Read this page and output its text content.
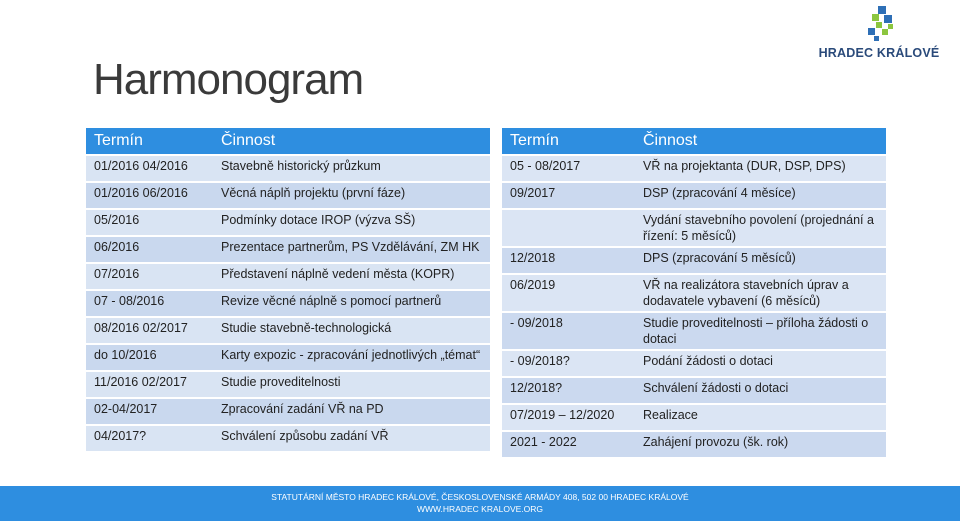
Harmonogram
HRADEC KRÁLOVÉ
Termín	Činnost
01/2016 04/2016	Stavebně historický průzkum
01/2016 06/2016	Věcná náplň projektu (první fáze)
05/2016	Podmínky dotace IROP (výzva SŠ)
06/2016	Prezentace partnerům, PS Vzdělávání, ZM HK
07/2016	Představení náplně vedení města (KOPR)
07 - 08/2016	Revize věcné náplně s pomocí partnerů
08/2016 02/2017	Studie stavebně-technologická
do 10/2016	Karty expozic - zpracování jednotlivých „témat“
11/2016 02/2017	Studie proveditelnosti
02-04/2017	Zpracování zadání VŘ na PD
04/2017?	Schválení způsobu zadání VŘ
Termín	Činnost
05 - 08/2017	VŘ na projektanta (DUR, DSP, DPS)
09/2017	DSP (zpracování 4 měsíce)
	Vydání stavebního povolení (projednání a řízení: 5 měsíců)
12/2018	DPS (zpracování 5 měsíců)
06/2019	VŘ na realizátora stavebních úprav a dodavatele vybavení (6 měsíců)
- 09/2018	Studie proveditelnosti – příloha žádosti o dotaci
- 09/2018?	Podání žádosti o dotaci
12/2018?	Schválení žádosti o dotaci
07/2019 – 12/2020	Realizace
2021 - 2022	Zahájení provozu (šk. rok)
STATUTÁRNÍ MĚSTO HRADEC KRÁLOVÉ, ČESKOSLOVENSKÉ ARMÁDY 408, 502 00 HRADEC KRÁLOVÉ
WWW.HRADEC KRALOVE.ORG
